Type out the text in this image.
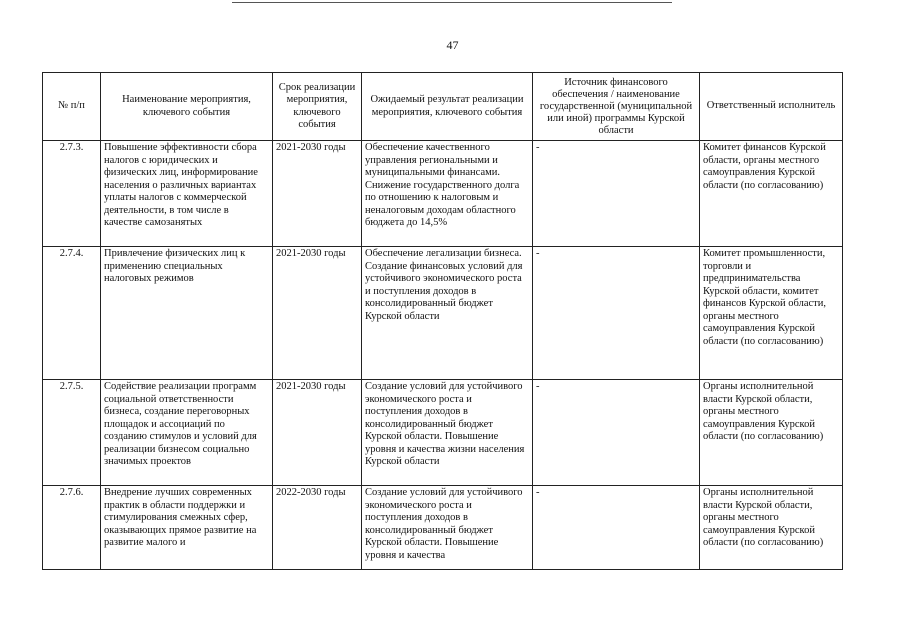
47
№ п/п	Наименование мероприятия, ключевого события	Срок реализации мероприятия, ключевого события	Ожидаемый результат реализации мероприятия, ключевого события	Источник финансового обеспечения / наименование государственной (муниципальной или иной) программы Курской области	Ответственный исполнитель
2.7.3.	Повышение эффективности сбора налогов с юридических и физических лиц, информирование населения о различных вариантах уплаты налогов с коммерческой деятельности, в том числе в качестве самозанятых	2021-2030 годы	Обеспечение качественного управления региональными и муниципальными финансами. Снижение государственного долга по отношению к налоговым и неналоговым доходам областного бюджета до 14,5%	-	Комитет финансов Курской области, органы местного самоуправления Курской области (по согласованию)
2.7.4.	Привлечение физических лиц к применению специальных налоговых режимов	2021-2030 годы	Обеспечение легализации бизнеса. Создание финансовых условий для устойчивого экономического роста и поступления доходов в консолидированный бюджет Курской области	-	Комитет промышленности, торговли и предпринимательства Курской области, комитет финансов Курской области, органы местного самоуправления Курской области (по согласованию)
2.7.5.	Содействие реализации программ социальной ответственности бизнеса, создание переговорных площадок и ассоциаций по созданию стимулов и условий для реализации бизнесом социально значимых проектов	2021-2030 годы	Создание условий для устойчивого экономического роста и поступления доходов в консолидированный бюджет Курской области. Повышение уровня и качества жизни населения Курской области	-	Органы исполнительной власти Курской области, органы местного самоуправления Курской области (по согласованию)
2.7.6.	Внедрение лучших современных практик в области поддержки и стимулирования смежных сфер, оказывающих прямое развитие на развитие малого и	2022-2030 годы	Создание условий для устойчивого экономического роста и поступления доходов в консолидированный бюджет Курской области. Повышение уровня и качества	-	Органы исполнительной власти Курской области, органы местного самоуправления Курской области (по согласованию)
